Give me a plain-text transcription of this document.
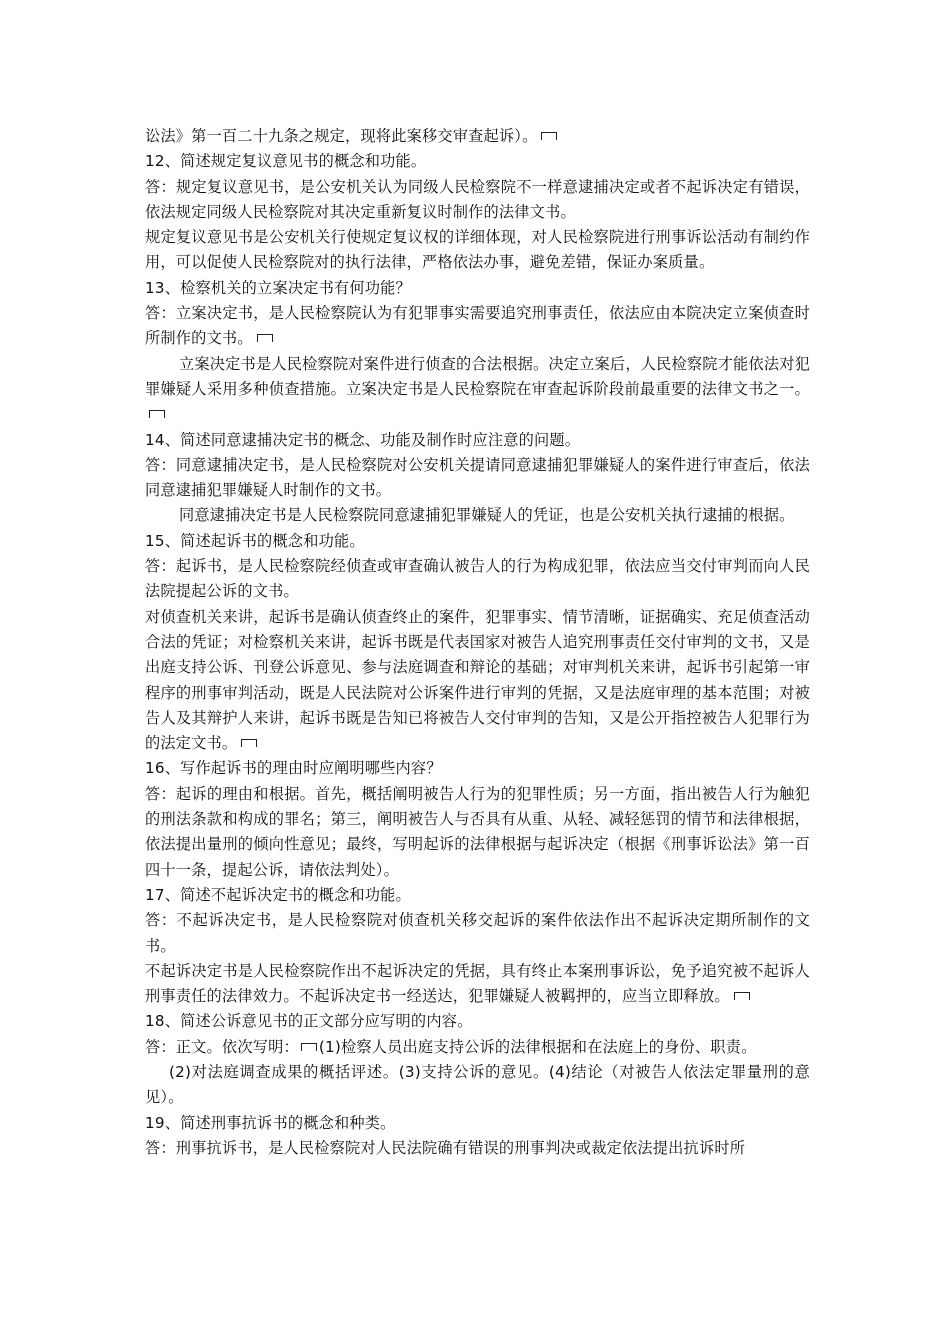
讼法》第一百二十九条之规定，现将此案移交审查起诉）。

12、简述规定复议意见书的概念和功能。

答：规定复议意见书，是公安机关认为同级人民检察院不一样意逮捕决定或者不起诉决定有错误，依法规定同级人民检察院对其决定重新复议时制作的法律文书。

规定复议意见书是公安机关行使规定复议权的详细体现，对人民检察院进行刑事诉讼活动有制约作用，可以促使人民检察院对的执行法律，严格依法办事，避免差错，保证办案质量。

13、检察机关的立案决定书有何功能？

答：立案决定书，是人民检察院认为有犯罪事实需要追究刑事责任，依法应由本院决定立案侦查时所制作的文书。

立案决定书是人民检察院对案件进行侦查的合法根据。决定立案后，人民检察院才能依法对犯罪嫌疑人采用多种侦查措施。立案决定书是人民检察院在审查起诉阶段前最重要的法律文书之一。

14、简述同意逮捕决定书的概念、功能及制作时应注意的问题。

答：同意逮捕决定书，是人民检察院对公安机关提请同意逮捕犯罪嫌疑人的案件进行审查后，依法同意逮捕犯罪嫌疑人时制作的文书。

同意逮捕决定书是人民检察院同意逮捕犯罪嫌疑人的凭证，也是公安机关执行逮捕的根据。

15、简述起诉书的概念和功能。

答：起诉书，是人民检察院经侦查或审查确认被告人的行为构成犯罪，依法应当交付审判而向人民法院提起公诉的文书。

对侦查机关来讲，起诉书是确认侦查终止的案件，犯罪事实、情节清晰，证据确实、充足侦查活动合法的凭证；对检察机关来讲，起诉书既是代表国家对被告人追究刑事责任交付审判的文书，又是出庭支持公诉、刊登公诉意见、参与法庭调查和辩论的基础；对审判机关来讲，起诉书引起第一审程序的刑事审判活动，既是人民法院对公诉案件进行审判的凭据，又是法庭审理的基本范围；对被告人及其辩护人来讲，起诉书既是告知已将被告人交付审判的告知，又是公开指控被告人犯罪行为的法定文书。

16、写作起诉书的理由时应阐明哪些内容？

答：起诉的理由和根据。首先，概括阐明被告人行为的犯罪性质；另一方面，指出被告人行为触犯的刑法条款和构成的罪名；第三，阐明被告人与否具有从重、从轻、减轻惩罚的情节和法律根据，依法提出量刑的倾向性意见；最终，写明起诉的法律根据与起诉决定（根据《刑事诉讼法》第一百四十一条，提起公诉，请依法判处）。

17、简述不起诉决定书的概念和功能。

答：不起诉决定书，是人民检察院对侦查机关移交起诉的案件依法作出不起诉决定期所制作的文书。

不起诉决定书是人民检察院作出不起诉决定的凭据，具有终止本案刑事诉讼，免予追究被不起诉人刑事责任的法律效力。不起诉决定书一经送达，犯罪嫌疑人被羁押的，应当立即释放。

18、简述公诉意见书的正文部分应写明的内容。

答：正文。依次写明： (1)检察人员出庭支持公诉的法律根据和在法庭上的身份、职责。

(2)对法庭调查成果的概括评述。(3)支持公诉的意见。(4)结论（对被告人依法定罪量刑的意见）。

19、简述刑事抗诉书的概念和种类。

答：刑事抗诉书，是人民检察院对人民法院确有错误的刑事判决或裁定依法提出抗诉时所
